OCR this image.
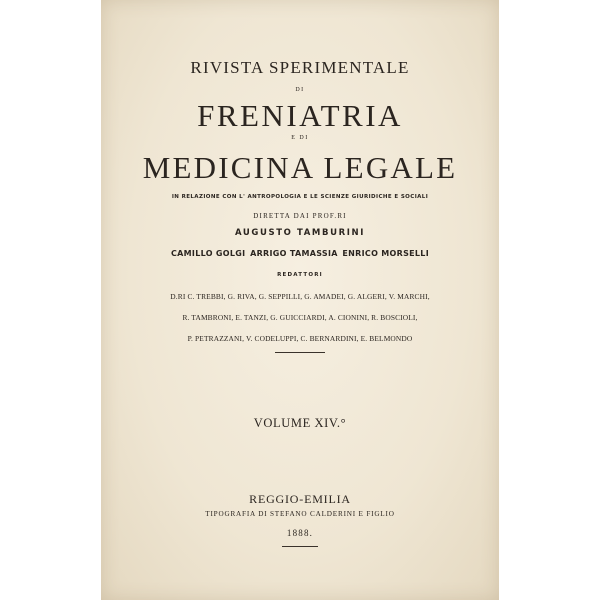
RIVISTA SPERIMENTALE
DI
FRENIATRIA
E DI
MEDICINA LEGALE
IN RELAZIONE CON L' ANTROPOLOGIA E LE SCIENZE GIURIDICHE E SOCIALI
DIRETTA DAI PROF.RI
AUGUSTO TAMBURINI
CAMILLO GOLGI ARRIGO TAMASSIA ENRICO MORSELLI
REDATTORI
D.RI C. TREBBI, G. RIVA, G. SEPPILLI, G. AMADEI, G. ALGERI, V. MARCHI,
R. TAMBRONI, E. TANZI, G. GUICCIARDI, A. CIONINI, R. BOSCIOLI,
P. PETRAZZANI, V. CODELUPPI, C. BERNARDINI, E. BELMONDO
VOLUME XIV.°
REGGIO-EMILIA
TIPOGRAFIA DI STEFANO CALDERINI E FIGLIO
1888.
